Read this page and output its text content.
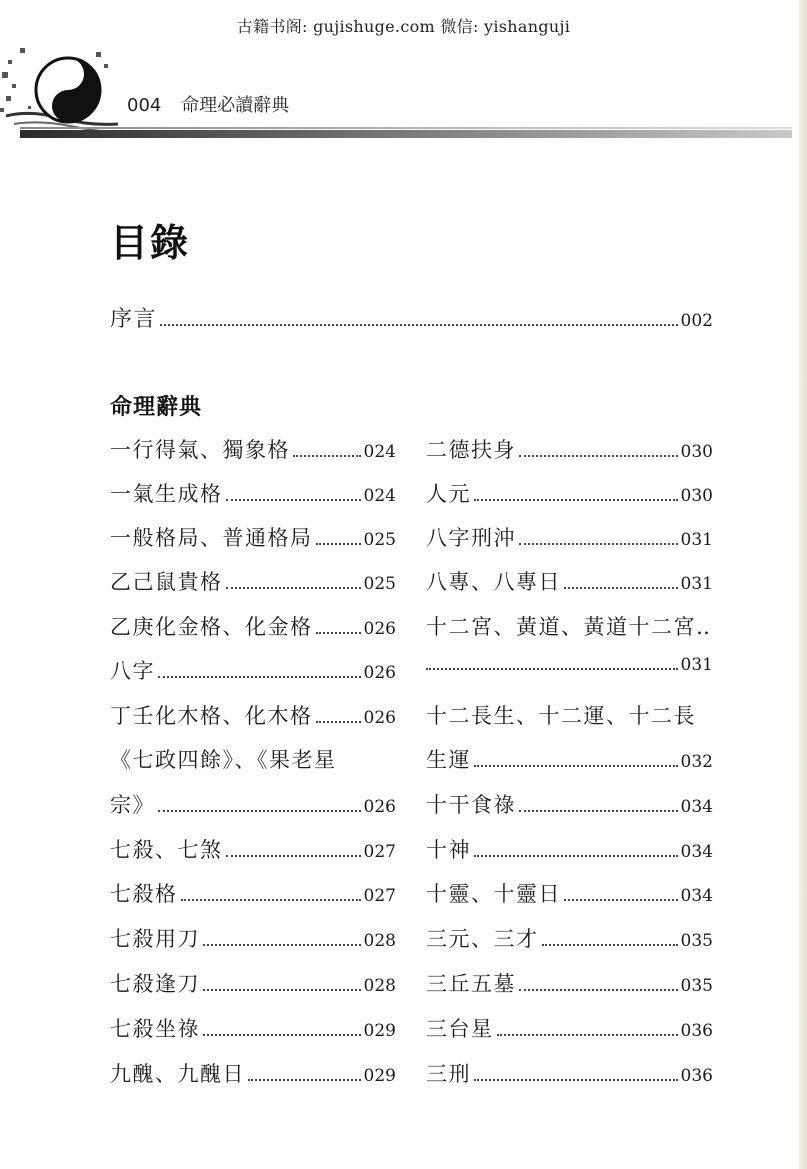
古籍书阁: gujishuge.com 微信: yishanguji
004 命理必讀辭典
目錄
序言	002
命理辭典
一行得氣、獨象格	024
一氣生成格	024
一般格局、普通格局	025
乙己鼠貴格	025
乙庚化金格、化金格	026
八字	026
丁壬化木格、化木格	026
《七政四餘》、《果老星
宗》	026
七殺、七煞	027
七殺格	027
七殺用刀	028
七殺逢刀	028
七殺坐祿	029
九醜、九醜日	029
二德扶身	030
人元	030
八字刑沖	031
八專、八專日	031
十二宮、黃道、黃道十二宮‥
031
十二長生、十二運、十二長
生運	032
十干食祿	034
十神	034
十靈、十靈日	034
三元、三才	035
三丘五墓	035
三台星	036
三刑	036
